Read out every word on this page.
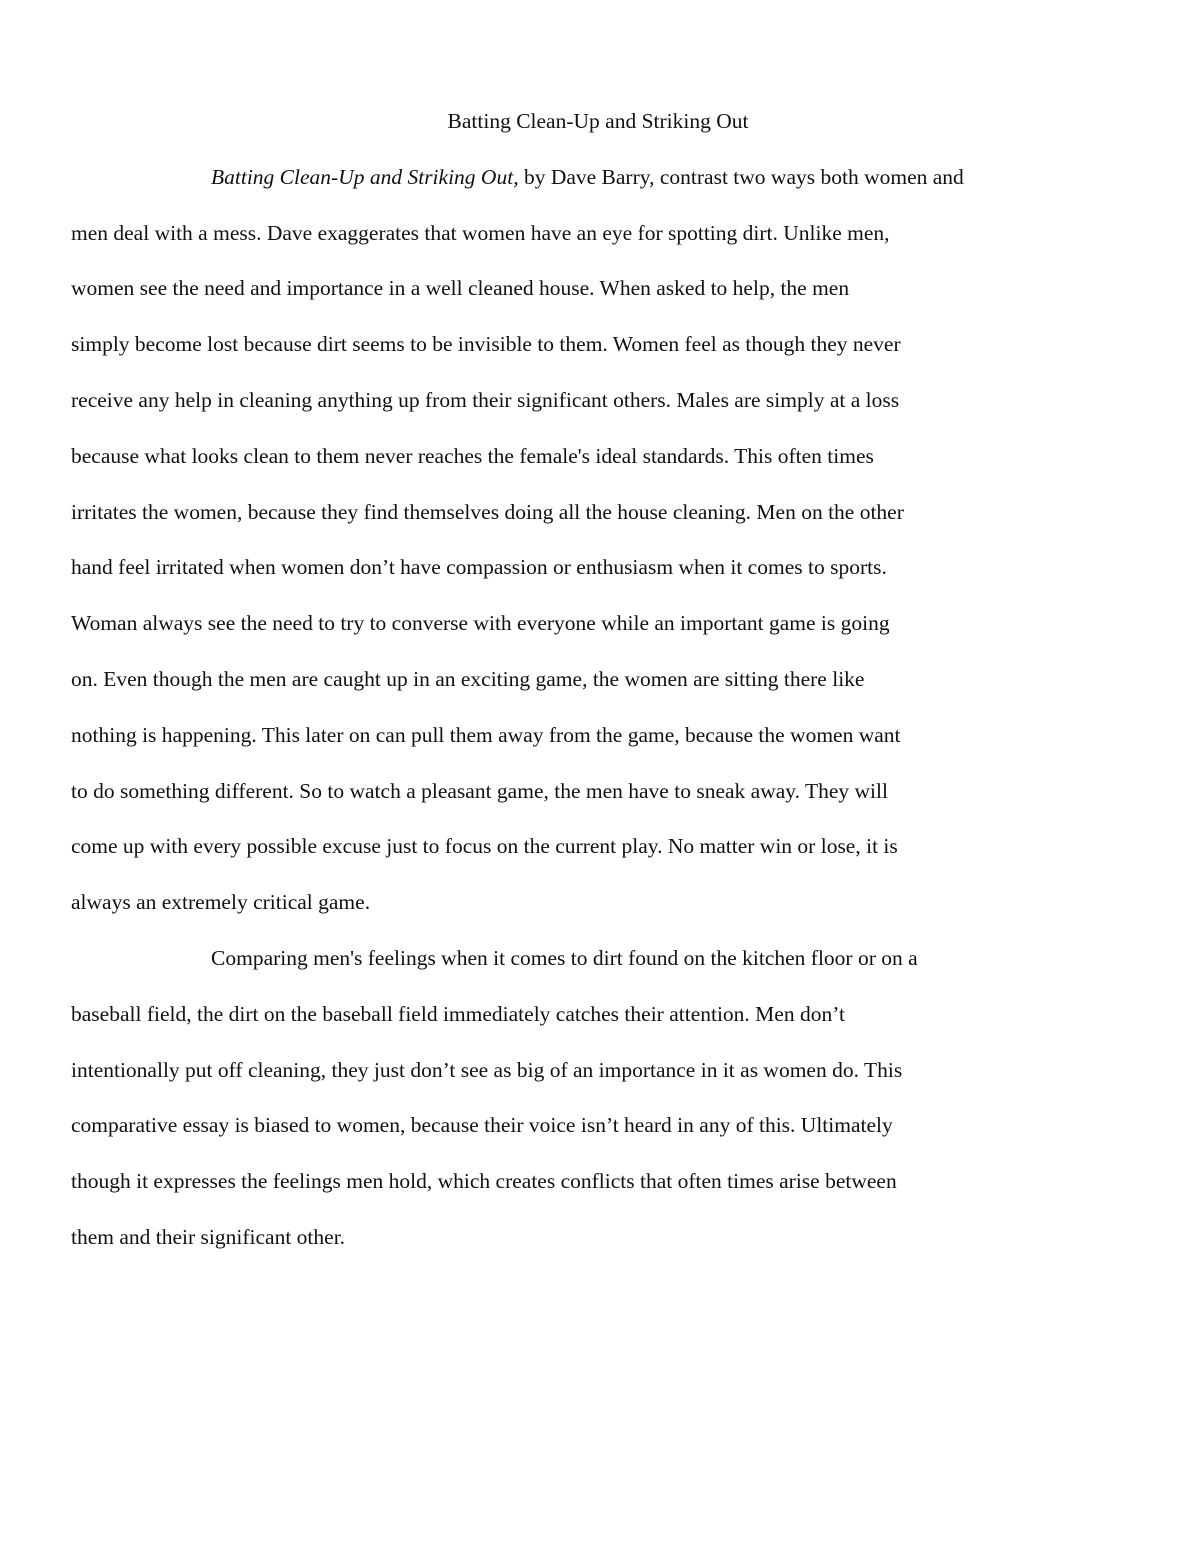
Batting Clean-Up and Striking Out
Batting Clean-Up and Striking Out, by Dave Barry, contrast two ways both women and
men deal with a mess. Dave exaggerates that women have an eye for spotting dirt. Unlike men,
women see the need and importance in a well cleaned house. When asked to help, the men
simply become lost because dirt seems to be invisible to them. Women feel as though they never
receive any help in cleaning anything up from their significant others. Males are simply at a loss
because what looks clean to them never reaches the female's ideal standards. This often times
irritates the women, because they find themselves doing all the house cleaning. Men on the other
hand feel irritated when women don’t have compassion or enthusiasm when it comes to sports.
Woman always see the need to try to converse with everyone while an important game is going
on. Even though the men are caught up in an exciting game, the women are sitting there like
nothing is happening. This later on can pull them away from the game, because the women want
to do something different. So to watch a pleasant game, the men have to sneak away. They will
come up with every possible excuse just to focus on the current play. No matter win or lose, it is
always an extremely critical game.
Comparing men's feelings when it comes to dirt found on the kitchen floor or on a
baseball field, the dirt on the baseball field immediately catches their attention. Men don’t
intentionally put off cleaning, they just don’t see as big of an importance in it as women do. This
comparative essay is biased to women, because their voice isn’t heard in any of this. Ultimately
though it expresses the feelings men hold, which creates conflicts that often times arise between
them and their significant other.
